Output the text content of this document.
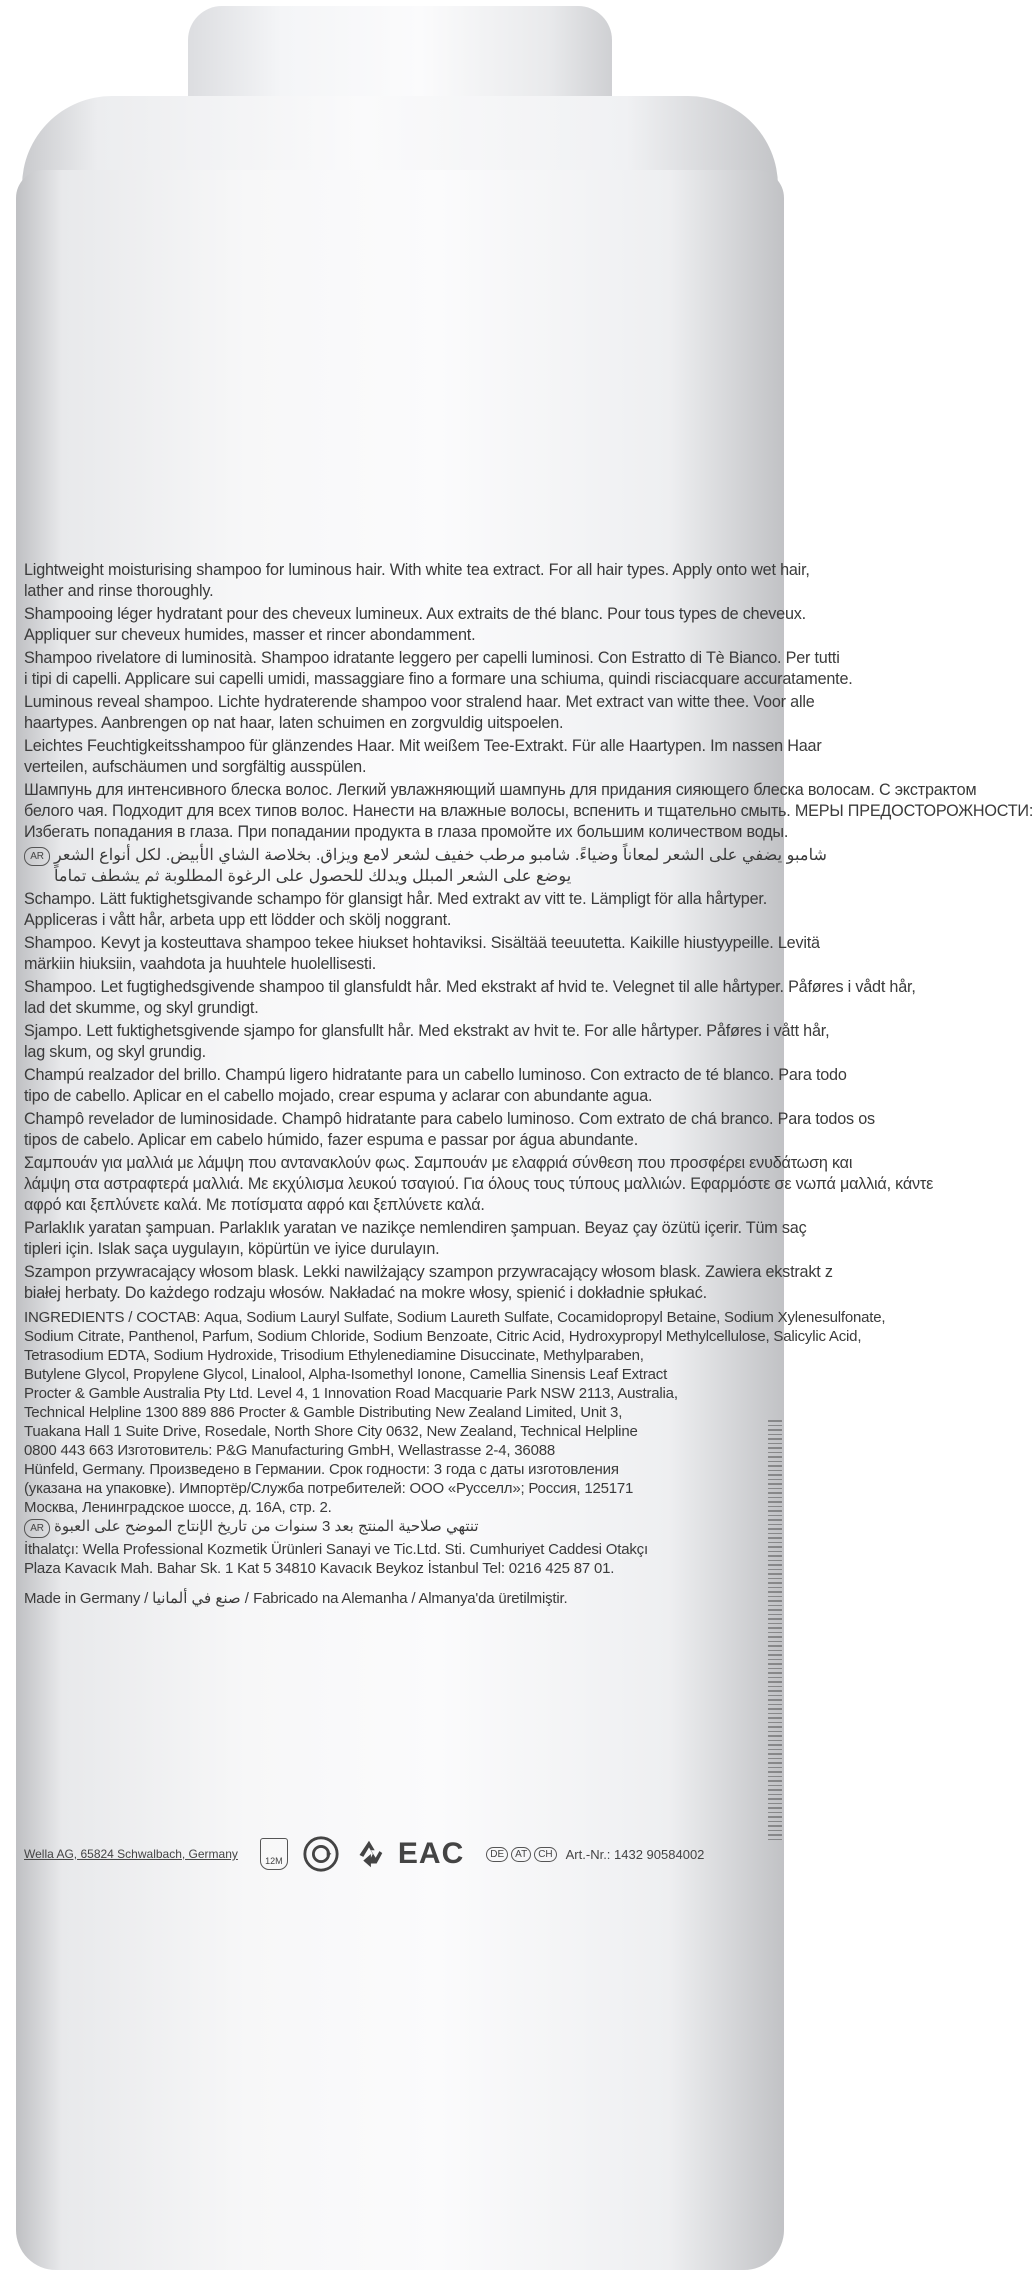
Lightweight moisturising shampoo for luminous hair. With white tea extract. For all hair types. Apply onto wet hair,
lather and rinse thoroughly.
Shampooing léger hydratant pour des cheveux lumineux. Aux extraits de thé blanc. Pour tous types de cheveux.
Appliquer sur cheveux humides, masser et rincer abondamment.
Shampoo rivelatore di luminosità. Shampoo idratante leggero per capelli luminosi. Con Estratto di Tè Bianco. Per tutti
i tipi di capelli. Applicare sui capelli umidi, massaggiare fino a formare una schiuma, quindi risciacquare accuratamente.
Luminous reveal shampoo. Lichte hydraterende shampoo voor stralend haar. Met extract van witte thee. Voor alle
haartypes. Aanbrengen op nat haar, laten schuimen en zorgvuldig uitspoelen.
Leichtes Feuchtigkeitsshampoo für glänzendes Haar. Mit weißem Tee-Extrakt. Für alle Haartypen. Im nassen Haar
verteilen, aufschäumen und sorgfältig ausspülen.
Шампунь для интенсивного блеска волос. Легкий увлажняющий шампунь для придания сияющего блеска волосам. С экстрактом
белого чая. Подходит для всех типов волос. Нанести на влажные волосы, вспенить и тщательно смыть. МЕРЫ ПРЕДОСТОРОЖНОСТИ:
Избегать попадания в глаза. При попадании продукта в глаза промойте их большим количеством воды.
AR شامبو يضفي على الشعر لمعاناً وضياءً. شامبو مرطب خفيف لشعر لامع ويزاق. بخلاصة الشاي الأبيض. لكل أنواع الشعر
يوضع على الشعر المبلل ويدلك للحصول على الرغوة المطلوبة ثم يشطف تماماً
Schampo. Lätt fuktighetsgivande schampo för glansigt hår. Med extrakt av vitt te. Lämpligt för alla hårtyper.
Appliceras i vått hår, arbeta upp ett lödder och skölj noggrant.
Shampoo. Kevyt ja kosteuttava shampoo tekee hiukset hohtaviksi. Sisältää teeuutetta. Kaikille hiustyypeille. Levitä
märkiin hiuksiin, vaahdota ja huuhtele huolellisesti.
Shampoo. Let fugtighedsgivende shampoo til glansfuldt hår. Med ekstrakt af hvid te. Velegnet til alle hårtyper. Påføres i vådt hår,
lad det skumme, og skyl grundigt.
Sjampo. Lett fuktighetsgivende sjampo for glansfullt hår. Med ekstrakt av hvit te. For alle hårtyper. Påføres i vått hår,
lag skum, og skyl grundig.
Champú realzador del brillo. Champú ligero hidratante para un cabello luminoso. Con extracto de té blanco. Para todo
tipo de cabello. Aplicar en el cabello mojado, crear espuma y aclarar con abundante agua.
Champô revelador de luminosidade. Champô hidratante para cabelo luminoso. Com extrato de chá branco. Para todos os
tipos de cabelo. Aplicar em cabelo húmido, fazer espuma e passar por água abundante.
Σαμπουάν για μαλλιά με λάμψη που αντανακλούν φως. Σαμπουάν με ελαφριά σύνθεση που προσφέρει ενυδάτωση και
λάμψη στα αστραφτερά μαλλιά. Με εκχύλισμα λευκού τσαγιού. Για όλους τους τύπους μαλλιών. Εφαρμόστε σε νωπά μαλλιά, κάντε
αφρό και ξεπλύνετε καλά. Με ποτίσματα αφρό και ξεπλύνετε καλά.
Parlaklık yaratan şampuan. Parlaklık yaratan ve nazikçe nemlendiren şampuan. Beyaz çay özütü içerir. Tüm saç
tipleri için. Islak saça uygulayın, köpürtün ve iyice durulayın.
Szampon przywracający włosom blask. Lekki nawilżający szampon przywracający włosom blask. Zawiera ekstrakt z
białej herbaty. Do każdego rodzaju włosów. Nakładać na mokre włosy, spienić i dokładnie spłukać.
INGREDIENTS / СОСТАВ: Aqua, Sodium Lauryl Sulfate, Sodium Laureth Sulfate, Cocamidopropyl Betaine, Sodium Xylenesulfonate,
Sodium Citrate, Panthenol, Parfum, Sodium Chloride, Sodium Benzoate, Citric Acid, Hydroxypropyl Methylcellulose, Salicylic Acid,
Tetrasodium EDTA, Sodium Hydroxide, Trisodium Ethylenediamine Disuccinate, Methylparaben,
Butylene Glycol, Propylene Glycol, Linalool, Alpha-Isomethyl Ionone, Camellia Sinensis Leaf Extract
Procter & Gamble Australia Pty Ltd. Level 4, 1 Innovation Road Macquarie Park NSW 2113, Australia,
Technical Helpline 1300 889 886 Procter & Gamble Distributing New Zealand Limited, Unit 3,
Tuakana Hall 1 Suite Drive, Rosedale, North Shore City 0632, New Zealand, Technical Helpline
0800 443 663 Изготовитель: P&G Manufacturing GmbH, Wellastrasse 2-4, 36088
Hünfeld, Germany. Произведено в Германии. Срок годности: 3 года с даты изготовления
(указана на упаковке). Импортёр/Служба потребителей: ООО «Русселл»; Россия, 125171
Москва, Ленинградское шоссе, д. 16А, стр. 2.
AR تنتهي صلاحية المنتج بعد 3 سنوات من تاريخ الإنتاج الموضح على العبوة
İthalatçı: Wella Professional Kozmetik Ürünleri Sanayi ve Tic.Ltd. Sti. Cumhuriyet Caddesi Otakçı
Plaza Kavacık Mah. Bahar Sk. 1 Kat 5 34810 Kavacık Beykoz İstanbul Tel: 0216 425 87 01.
Made in Germany / صنع في ألمانيا / Fabricado na Alemanha / Almanya'da üretilmiştir.
Wella AG, 65824 Schwalbach, Germany	12M	EAC	DE	AT	CH	Art.-Nr.: 1432 90584002
